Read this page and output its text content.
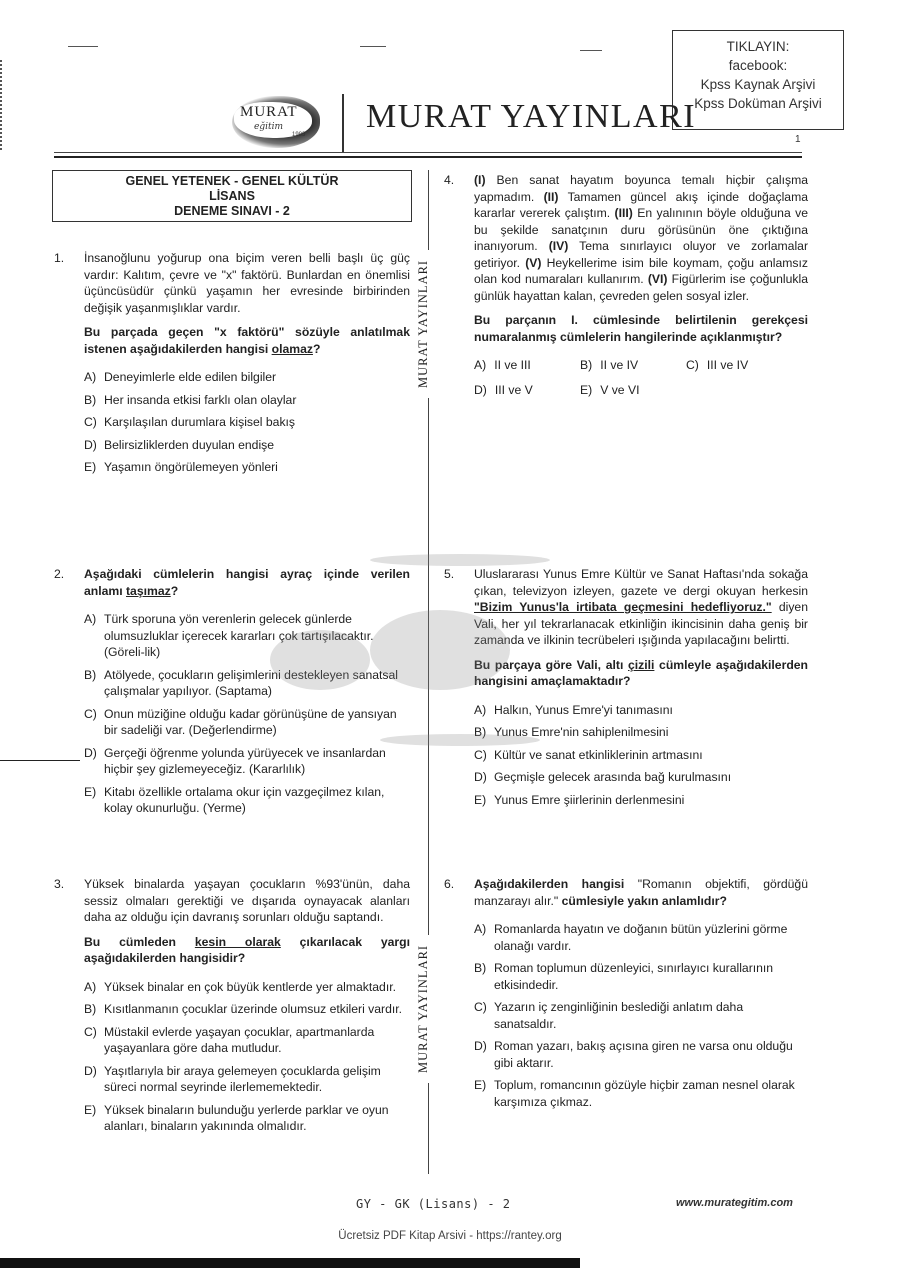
TIKLAYIN:
facebook:
Kpss Kaynak Arşivi
Kpss Doküman Arşivi
MURAT
eğitim
1983 MURAT YAYINLARI
1
MURAT YAYINLARI
MURAT YAYINLARI
GENEL YETENEK - GENEL KÜLTÜR
LİSANS
DENEME SINAVI - 2
1. İnsanoğlunu yoğurup ona biçim veren belli başlı üç güç vardır: Kalıtım, çevre ve "x" faktörü. Bunlardan en önemlisi üçüncüsüdür çünkü yaşamın her evresinde birbirinden değişik yaşanmışlıklar vardır.

Bu parçada geçen "x faktörü" sözüyle anlatılmak istenen aşağıdakilerden hangisi olamaz?

A) Deneyimlerle elde edilen bilgiler
B) Her insanda etkisi farklı olan olaylar
C) Karşılaşılan durumlara kişisel bakış
D) Belirsizliklerden duyulan endişe
E) Yaşamın öngörülemeyen yönleri
2. Aşağıdaki cümlelerin hangisi ayraç içinde verilen anlamı taşımaz?

A) Türk sporuna yön verenlerin gelecek günlerde olumsuzluklar içerecek kararları çok tartışılacaktır. (Göreli-lik)
B) Atölyede, çocukların gelişimlerini destekleyen sanatsal çalışmalar yapılıyor. (Saptama)
C) Onun müziğine olduğu kadar görünüşüne de yansıyan bir sadeliği var. (Değerlendirme)
D) Gerçeği öğrenme yolunda yürüyecek ve insanlardan hiçbir şey gizlemeyeceğiz. (Kararlılık)
E) Kitabı özellikle ortalama okur için vazgeçilmez kılan, kolay okunurluğu. (Yerme)
3. Yüksek binalarda yaşayan çocukların %93'ünün, daha sessiz olmaları gerektiği ve dışarıda oynayacak alanları daha az olduğu için davranış sorunları olduğu saptandı.

Bu cümleden kesin olarak çıkarılacak yargı aşağıdakilerden hangisidir?

A) Yüksek binalar en çok büyük kentlerde yer almaktadır.
B) Kısıtlanmanın çocuklar üzerinde olumsuz etkileri vardır.
C) Müstakil evlerde yaşayan çocuklar, apartmanlarda yaşayanlara göre daha mutludur.
D) Yaşıtlarıyla bir araya gelemeyen çocuklarda gelişim süreci normal seyrinde ilerlememektedir.
E) Yüksek binaların bulunduğu yerlerde parklar ve oyun alanları, binaların yakınında olmalıdır.
4. (I) Ben sanat hayatım boyunca temalı hiçbir çalışma yapmadım. (II) Tamamen güncel akış içinde doğaçlama kararlar vererek çalıştım. (III) En yalınının böyle olduğuna ve bu şekilde sanatçının duru görüsünün öne çıktığına inanıyorum. (IV) Tema sınırlayıcı oluyor ve zorlamalar getiriyor. (V) Heykellerime isim bile koymam, çoğu anlamsız olan kod numaraları kullanırım. (VI) Figürlerim ise çoğunlukla günlük hayattan kalan, çevreden gelen sosyal izler.

Bu parçanın I. cümlesinde belirtilenin gerekçesi numaralanmış cümlelerin hangilerinde açıklanmıştır?

A) II ve III	B) II ve IV	C) III ve IV
D) III ve V	E) V ve VI
5. Uluslararası Yunus Emre Kültür ve Sanat Haftası'nda sokağa çıkan, televizyon izleyen, gazete ve dergi okuyan herkesin "Bizim Yunus'la irtibata geçmesini hedefliyoruz." diyen Vali, her yıl tekrarlanacak etkinliğin ikincisinin daha geniş bir zamanda ve ilkinin tecrübeleri ışığında yapılacağını belirtti.

Bu parçaya göre Vali, altı çizili cümleyle aşağıdakilerden hangisini amaçlamaktadır?

A) Halkın, Yunus Emre'yi tanımasını
B) Yunus Emre'nin sahiplenilmesini
C) Kültür ve sanat etkinliklerinin artmasını
D) Geçmişle gelecek arasında bağ kurulmasını
E) Yunus Emre şiirlerinin derlenmesini
6. Aşağıdakilerden hangisi "Romanın objektifi, gördüğü manzarayı alır." cümlesiyle yakın anlamlıdır?

A) Romanlarda hayatın ve doğanın bütün yüzlerini görme olanağı vardır.
B) Roman toplumun düzenleyici, sınırlayıcı kurallarının etkisindedir.
C) Yazarın iç zenginliğinin beslediği anlatım daha sanatsaldır.
D) Roman yazarı, bakış açısına giren ne varsa onu olduğu gibi aktarır.
E) Toplum, romancının gözüyle hiçbir zaman nesnel olarak karşımıza çıkmaz.
GY - GK (Lisans) - 2	www.murategitim.com
Ücretsiz PDF Kitap Arsivi - https://rantey.org
